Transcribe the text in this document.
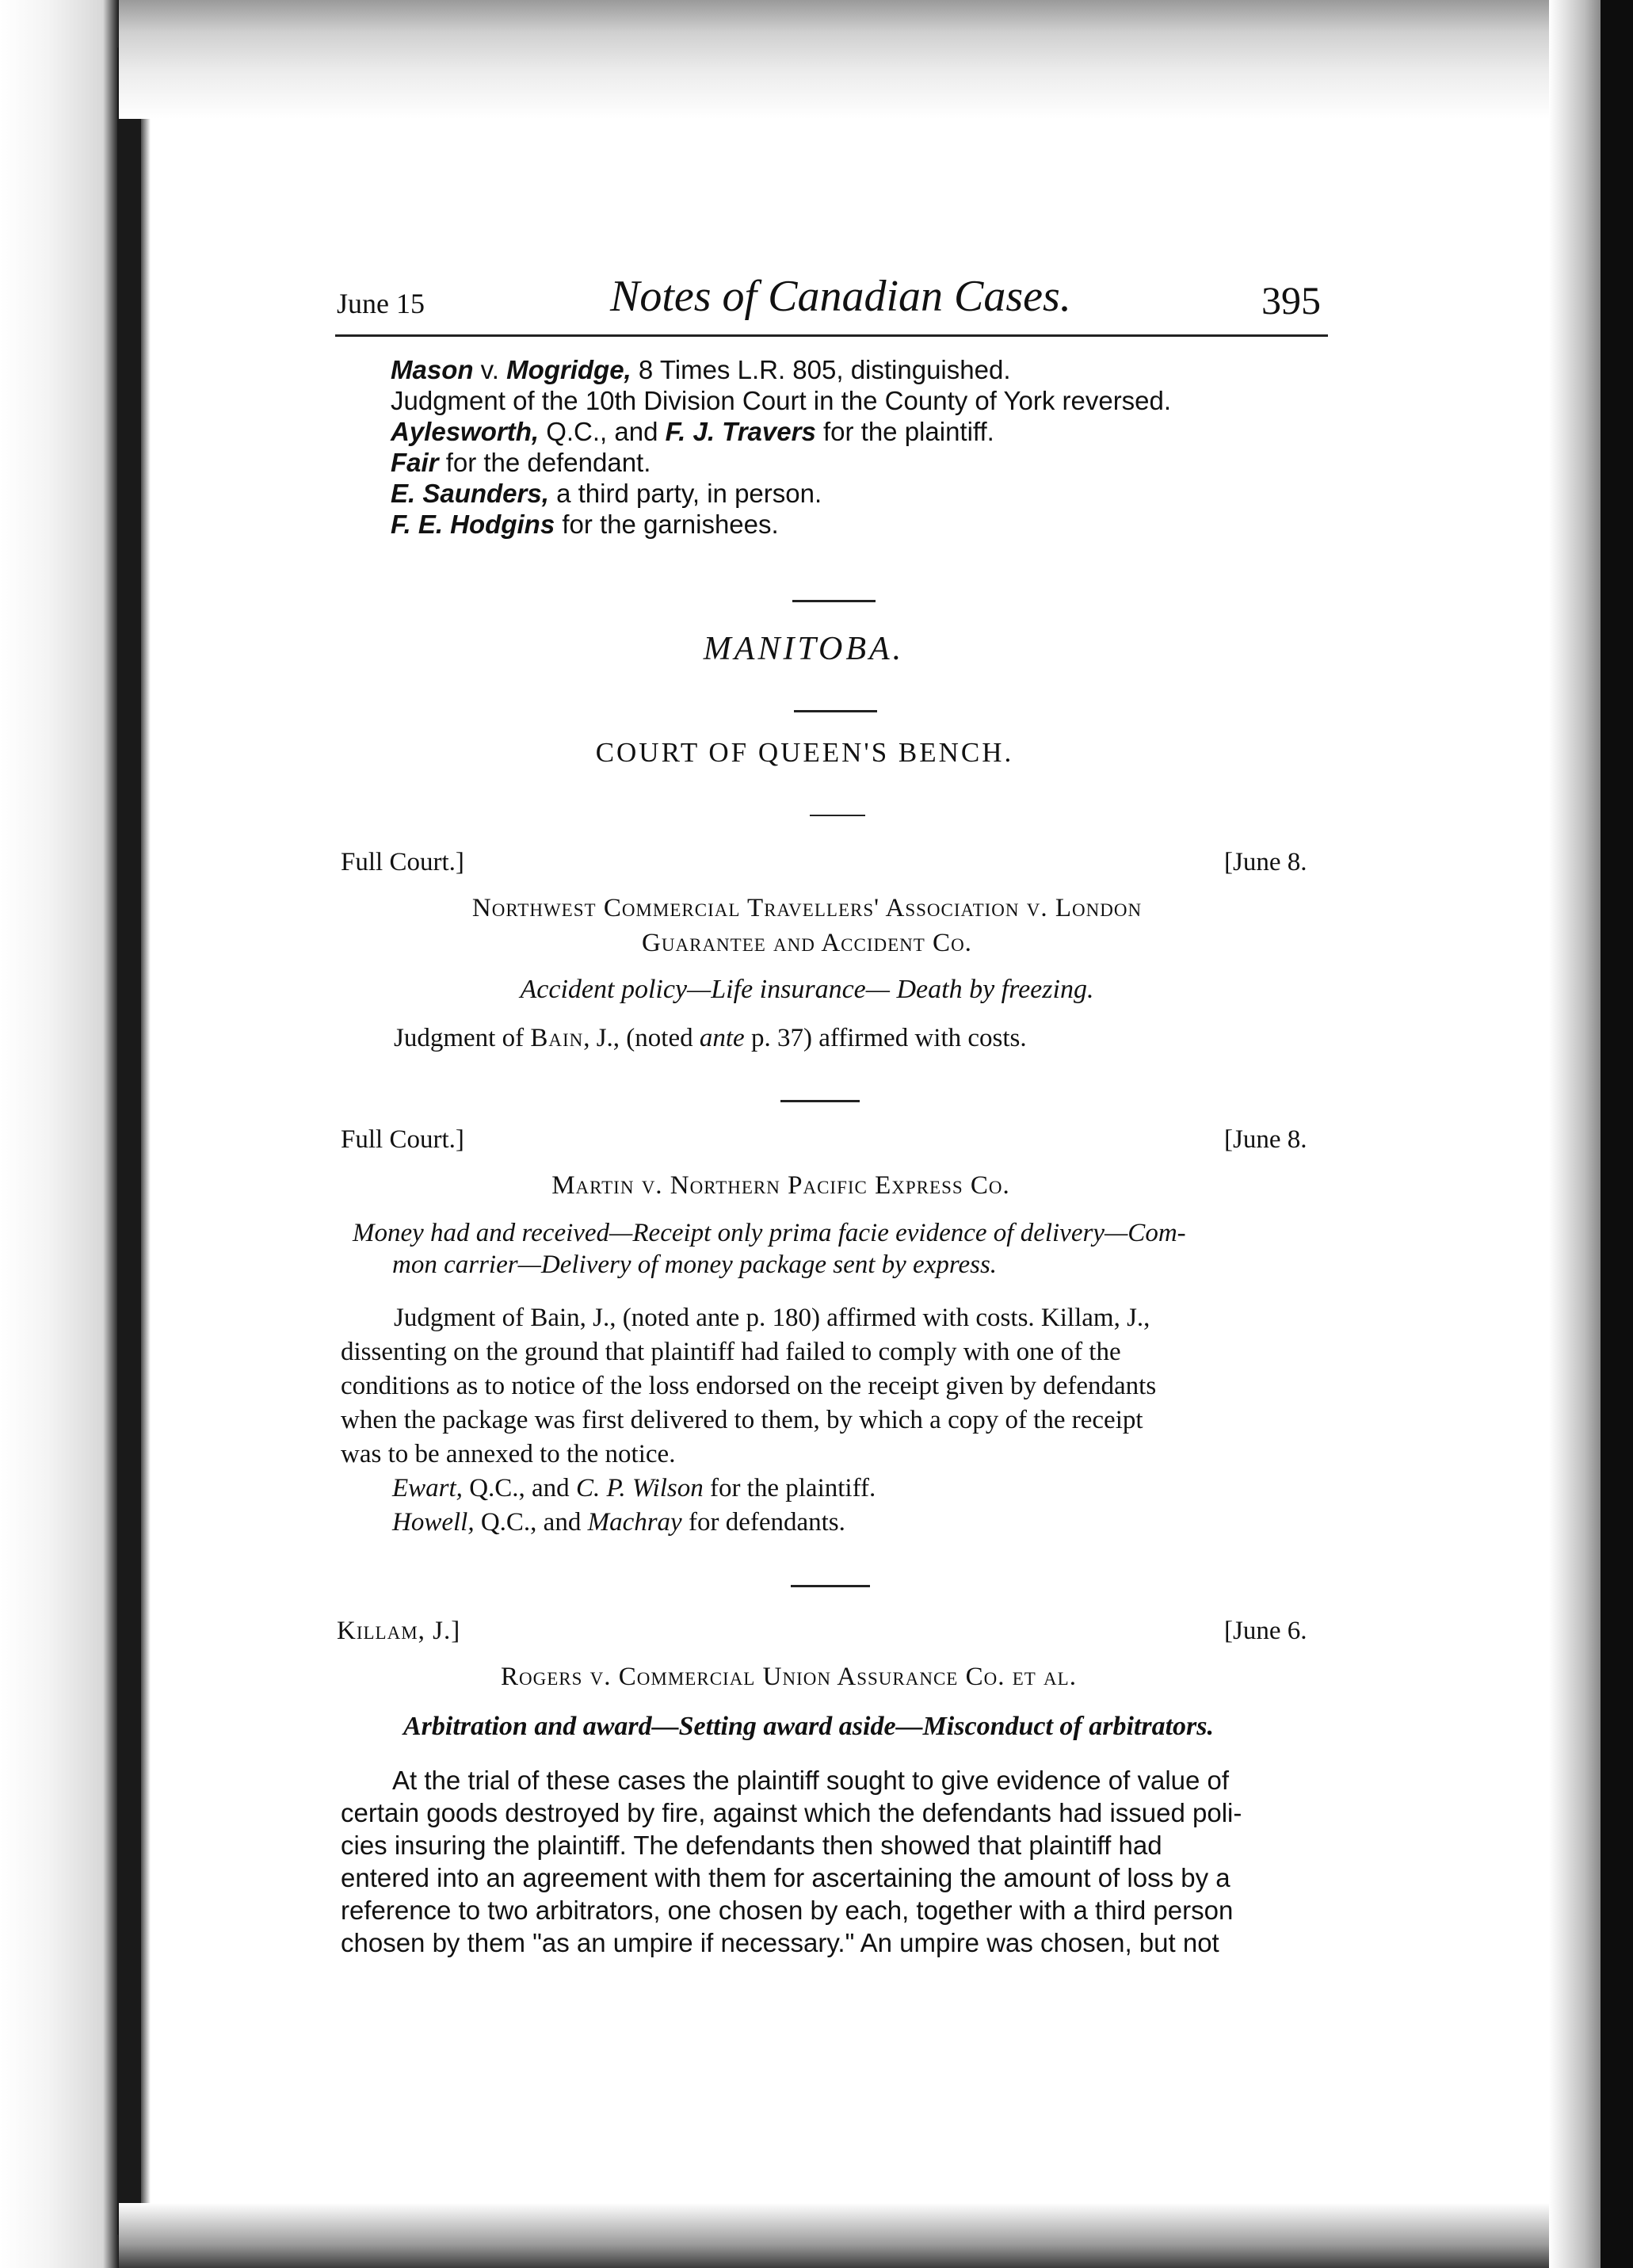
June 15	Notes of Canadian Cases.	395
Mason v. Mogridge, 8 Times L.R. 805, distinguished.
Judgment of the 10th Division Court in the County of York reversed.
Aylesworth, Q.C., and F. J. Travers for the plaintiff.
Fair for the defendant.
E. Saunders, a third party, in person.
F. E. Hodgins for the garnishees.
MANITOBA.
COURT OF QUEEN'S BENCH.
Full Court.]	[June 8.
Northwest Commercial Travellers' Association v. London
Guarantee and Accident Co.
Accident policy—Life insurance— Death by freezing.
Judgment of Bain, J., (noted ante p. 37) affirmed with costs.
Full Court.]	[June 8.
Martin v. Northern Pacific Express Co.
Money had and received—Receipt only prima facie evidence of delivery—Com-
mon carrier—Delivery of money package sent by express.
Judgment of Bain, J., (noted ante p. 180) affirmed with costs. Killam, J.,
dissenting on the ground that plaintiff had failed to comply with one of the
conditions as to notice of the loss endorsed on the receipt given by defendants
when the package was first delivered to them, by which a copy of the receipt
was to be annexed to the notice.
Ewart, Q.C., and C. P. Wilson for the plaintiff.
Howell, Q.C., and Machray for defendants.
Killam, J.]	[June 6.
Rogers v. Commercial Union Assurance Co. et al.
Arbitration and award—Setting award aside—Misconduct of arbitrators.
At the trial of these cases the plaintiff sought to give evidence of value of
certain goods destroyed by fire, against which the defendants had issued poli-
cies insuring the plaintiff. The defendants then showed that plaintiff had
entered into an agreement with them for ascertaining the amount of loss by a
reference to two arbitrators, one chosen by each, together with a third person
chosen by them "as an umpire if necessary." An umpire was chosen, but not
